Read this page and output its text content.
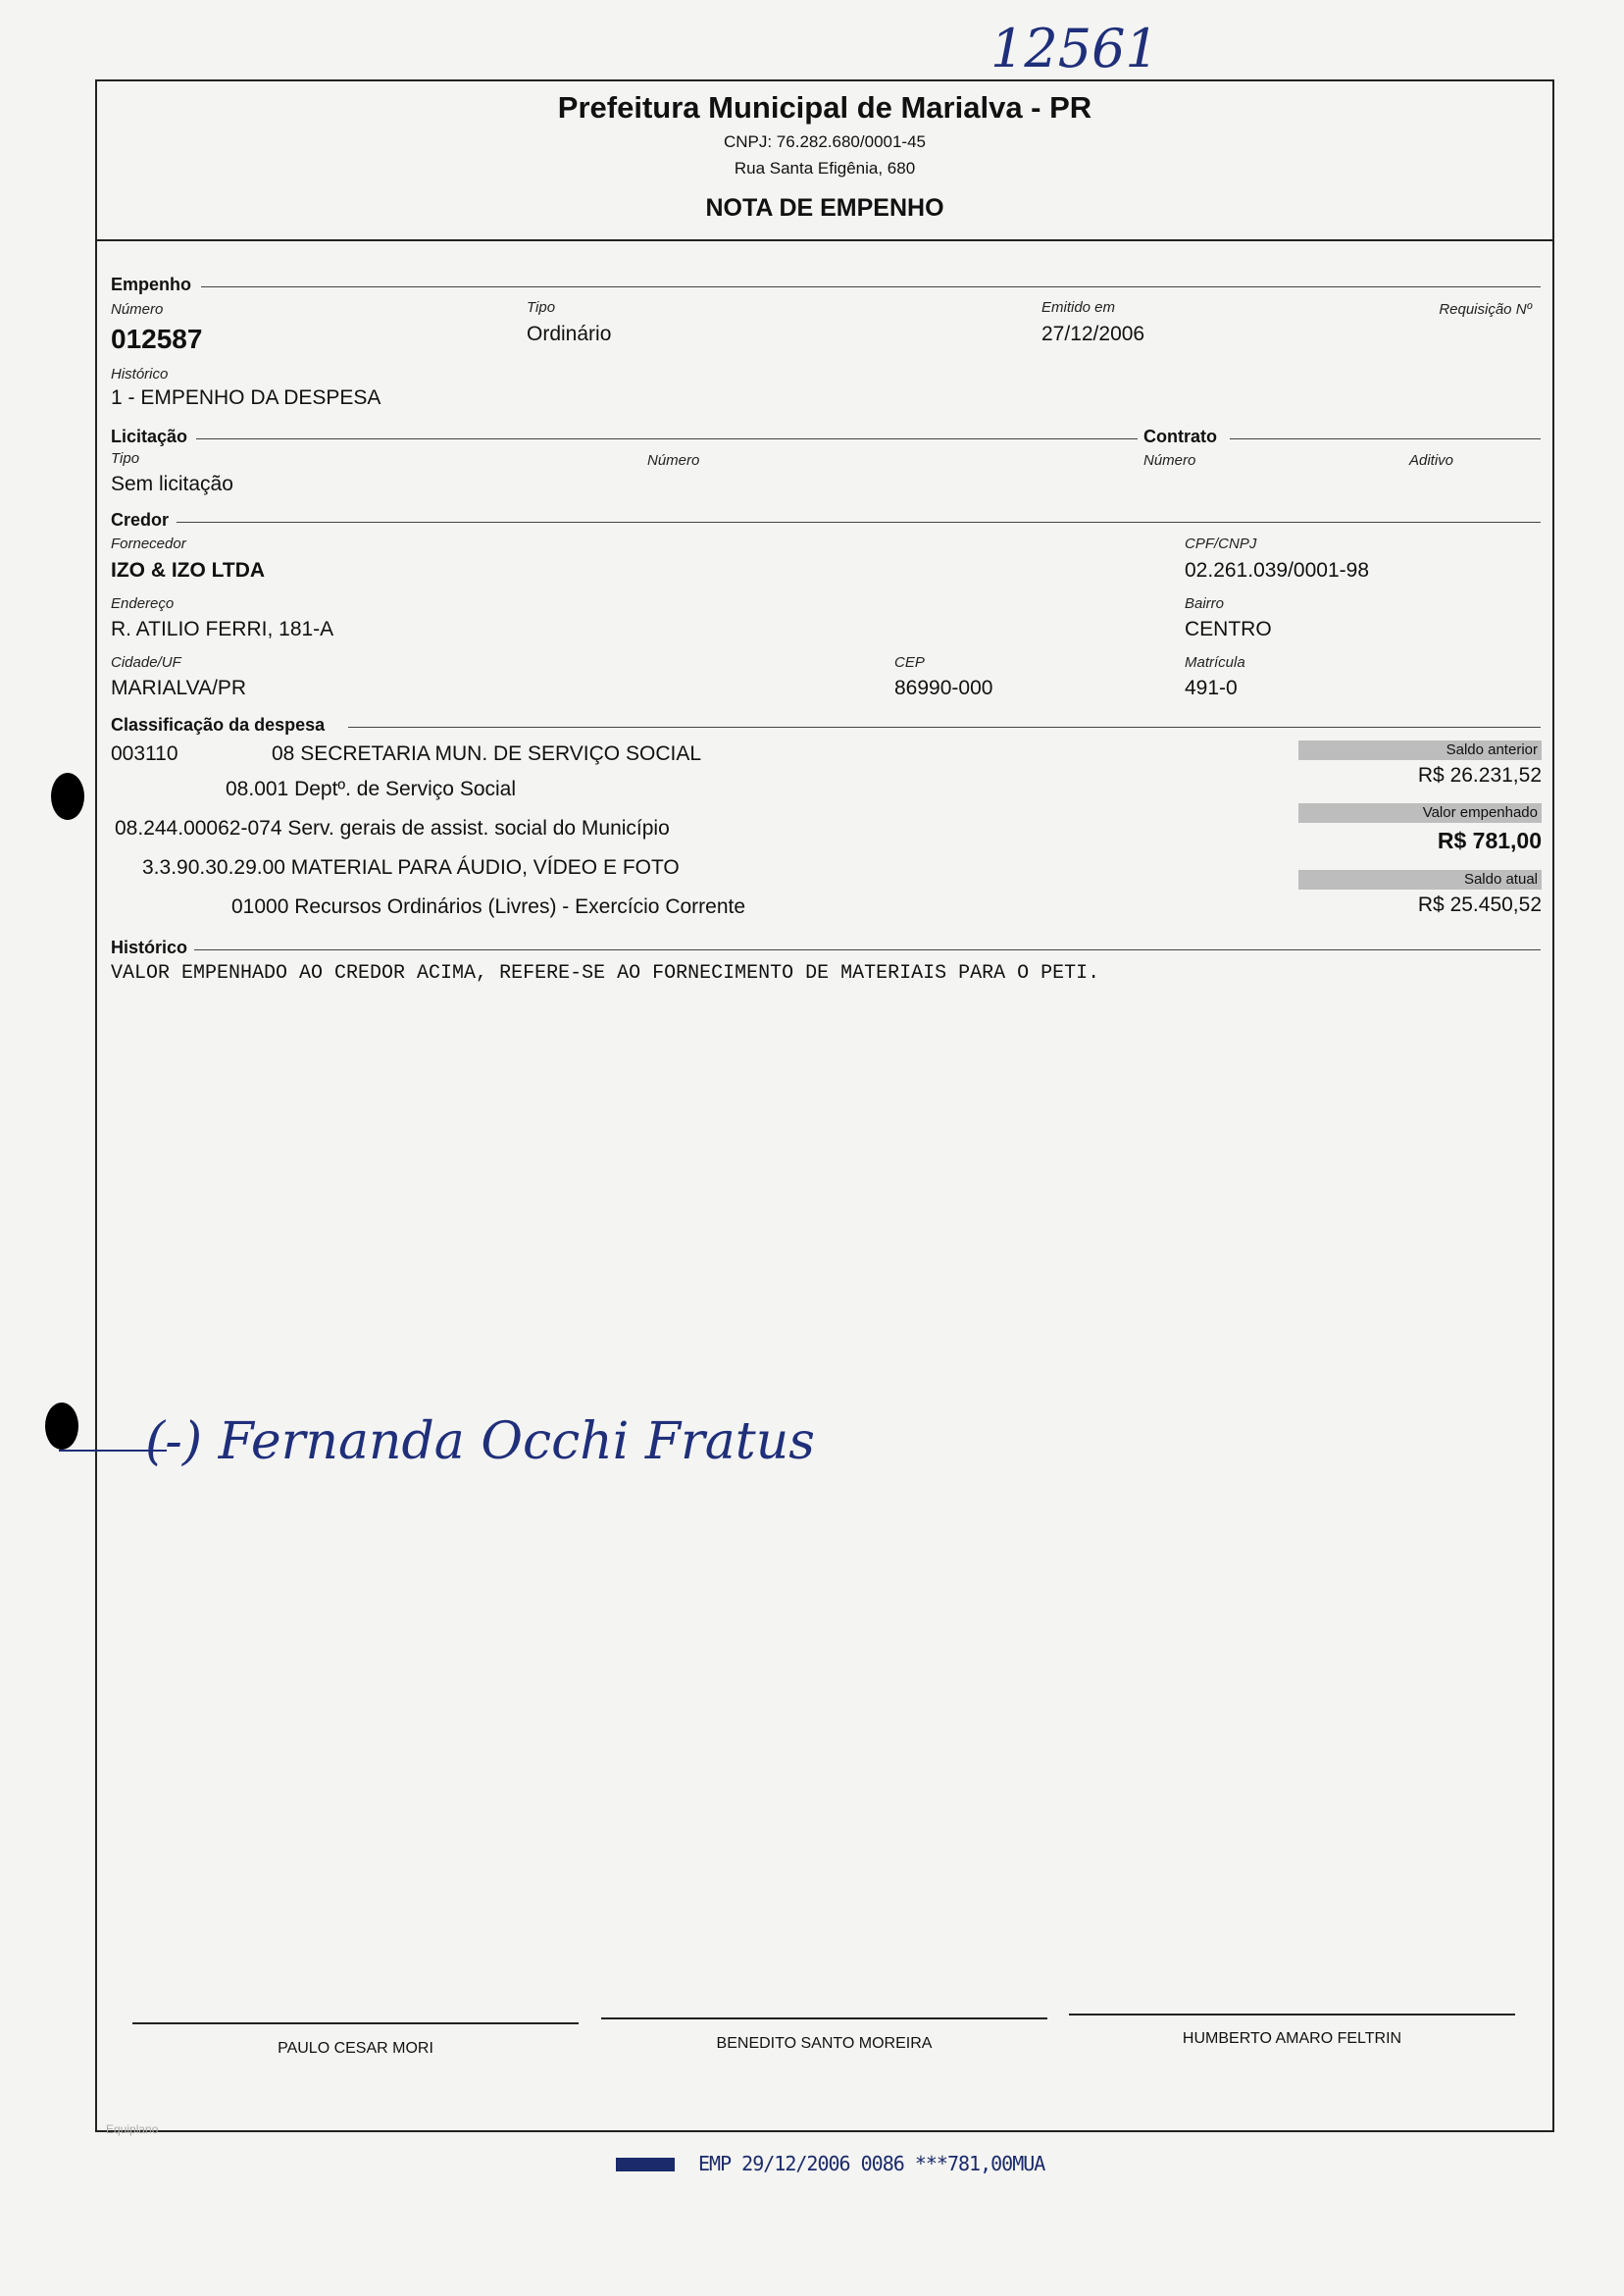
12561
Prefeitura Municipal de Marialva - PR
CNPJ: 76.282.680/0001-45
Rua Santa Efigênia, 680
NOTA DE EMPENHO
Empenho
Número
012587
Tipo
Ordinário
Emitido em
27/12/2006
Requisição Nº
Histórico
1 - EMPENHO DA DESPESA
Licitação	Contrato
Tipo
Sem licitação
Número	Número	Aditivo
Credor
Fornecedor
IZO & IZO LTDA
CPF/CNPJ
02.261.039/0001-98
Endereço
R. ATILIO FERRI, 181-A
Bairro
CENTRO
Cidade/UF
MARIALVA/PR
CEP
86990-000
Matrícula
491-0
Classificação da despesa
003110	08 SECRETARIA MUN. DE SERVIÇO SOCIAL
08.001 Deptº. de Serviço Social
08.244.00062-074 Serv. gerais de assist. social do Município
3.3.90.30.29.00 MATERIAL PARA ÁUDIO, VÍDEO E FOTO
01000 Recursos Ordinários (Livres) - Exercício Corrente
Saldo anterior
R$ 26.231,52
Valor empenhado
R$ 781,00
Saldo atual
R$ 25.450,52
Histórico
VALOR EMPENHADO AO CREDOR ACIMA, REFERE-SE AO FORNECIMENTO DE MATERIAIS PARA O PETI.
(-) Fernanda Occhi Fratus
PAULO CESAR MORI	BENEDITO SANTO MOREIRA	HUMBERTO AMARO FELTRIN
Equiplano
EMP 29/12/2006 0086 ***781,00MUA
